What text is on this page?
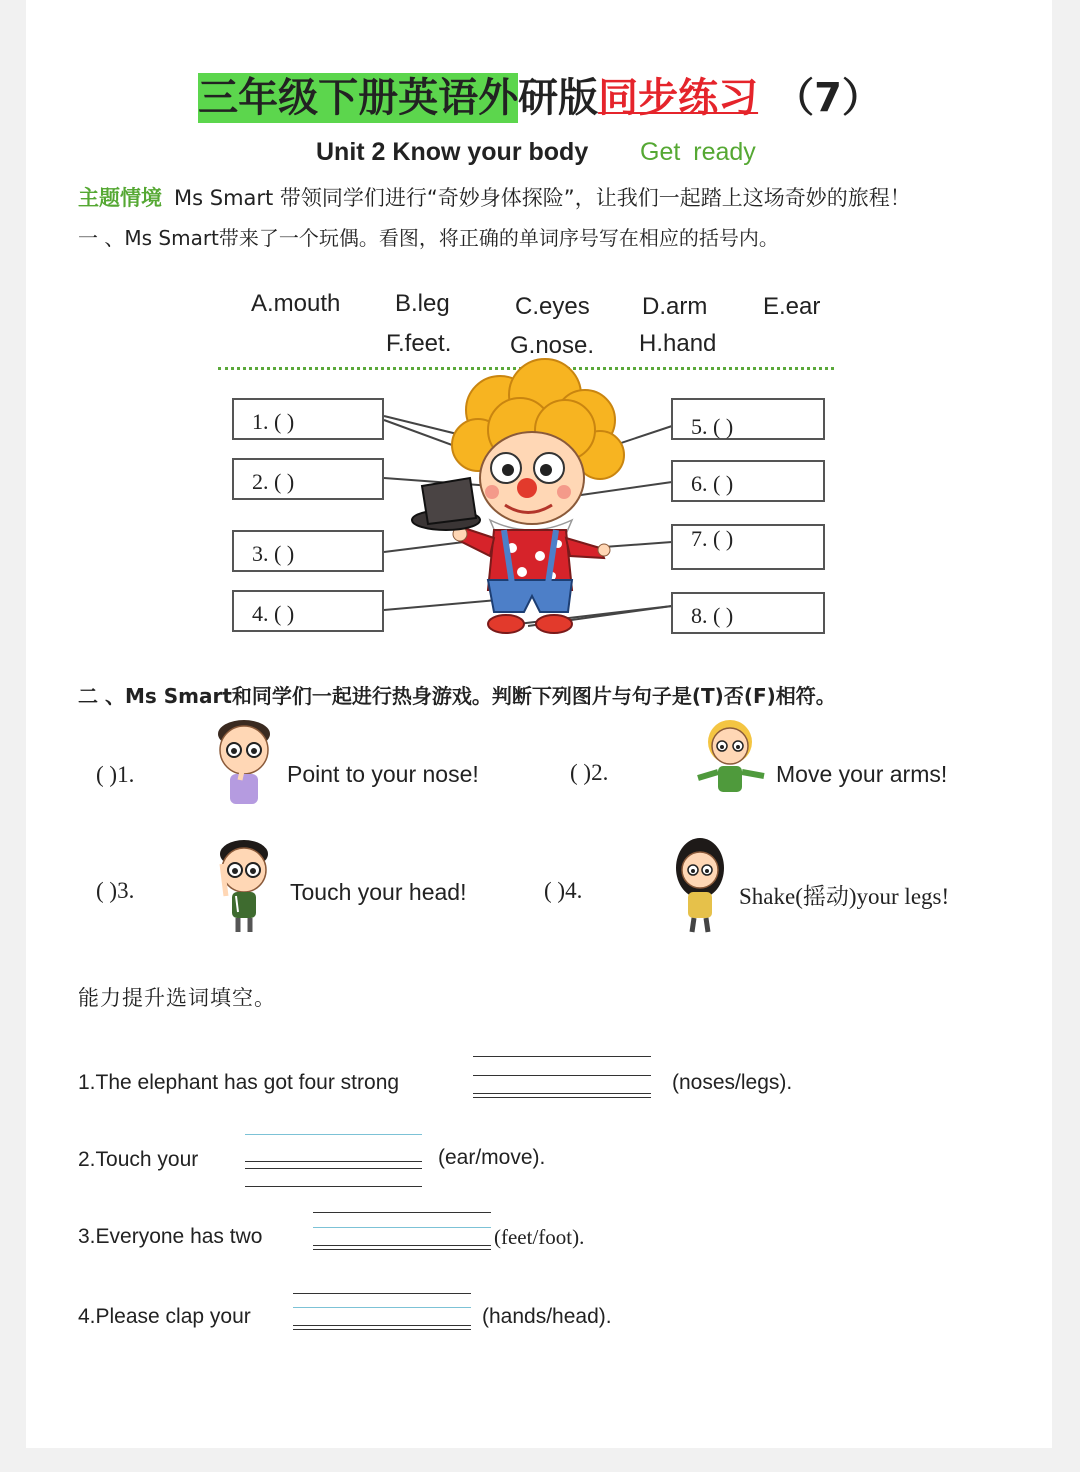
三年级下册英语外研版同步练习 （7）
Unit 2 Know your body Get ready
主题情境 Ms Smart 带领同学们进行“奇妙身体探险”，让我们一起踏上这场奇妙的旅程！
一 、Ms Smart带来了一个玩偶。看图，将正确的单词序号写在相应的括号内。
A.mouth B.leg	C.eyes D.arm E.ear
F.feet. G.nose. H.hand
1. ( )
2. ( )
3. ( )
4. ( )
5. ( )
6. ( )
7. ( )
8. ( )
二 、Ms Smart和同学们一起进行热身游戏。判断下列图片与句子是(T)否(F)相符。
( )1.	Point to your nose!	( )2.	Move your arms!
( )3.	Touch your head!	( )4.	Shake(摇动)your legs!
能力提升选词填空。
1.The elephant has got four strong	(noses/legs).
2.Touch your	(ear/move).
3.Everyone has two	(feet/foot).
4.Please clap your	(hands/head).
